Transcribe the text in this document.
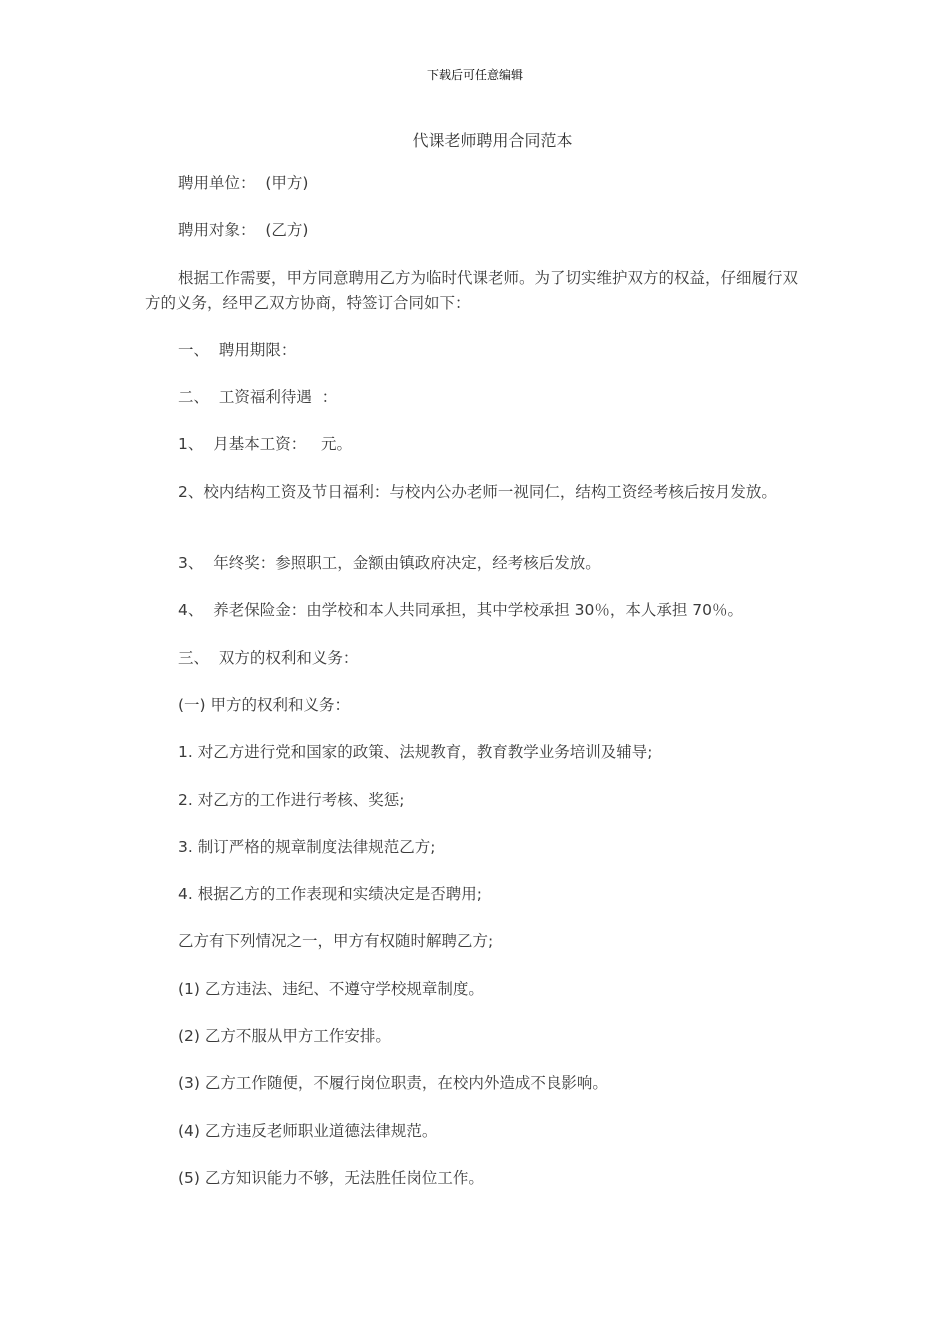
下载后可任意编辑
代课老师聘用合同范本
聘用单位：  (甲方)
聘用对象：  (乙方)
根据工作需要，甲方同意聘用乙方为临时代课老师。为了切实维护双方的权益，仔细履行双方的义务，经甲乙双方协商，特签订合同如下：
一、  聘用期限：
二、  工资福利待遇  ：
1、  月基本工资：   元。
2、校内结构工资及节日福利：与校内公办老师一视同仁，结构工资经考核后按月发放。
3、  年终奖：参照职工，金额由镇政府决定，经考核后发放。
4、  养老保险金：由学校和本人共同承担，其中学校承担 30％，本人承担 70％。
三、  双方的权利和义务：
(一) 甲方的权利和义务：
1. 对乙方进行党和国家的政策、法规教育，教育教学业务培训及辅导;
2. 对乙方的工作进行考核、奖惩;
3. 制订严格的规章制度法律规范乙方;
4. 根据乙方的工作表现和实绩决定是否聘用;
乙方有下列情况之一，甲方有权随时解聘乙方;
(1) 乙方违法、违纪、不遵守学校规章制度。
(2) 乙方不服从甲方工作安排。
(3) 乙方工作随便，不履行岗位职责，在校内外造成不良影响。
(4) 乙方违反老师职业道德法律规范。
(5) 乙方知识能力不够，无法胜任岗位工作。
